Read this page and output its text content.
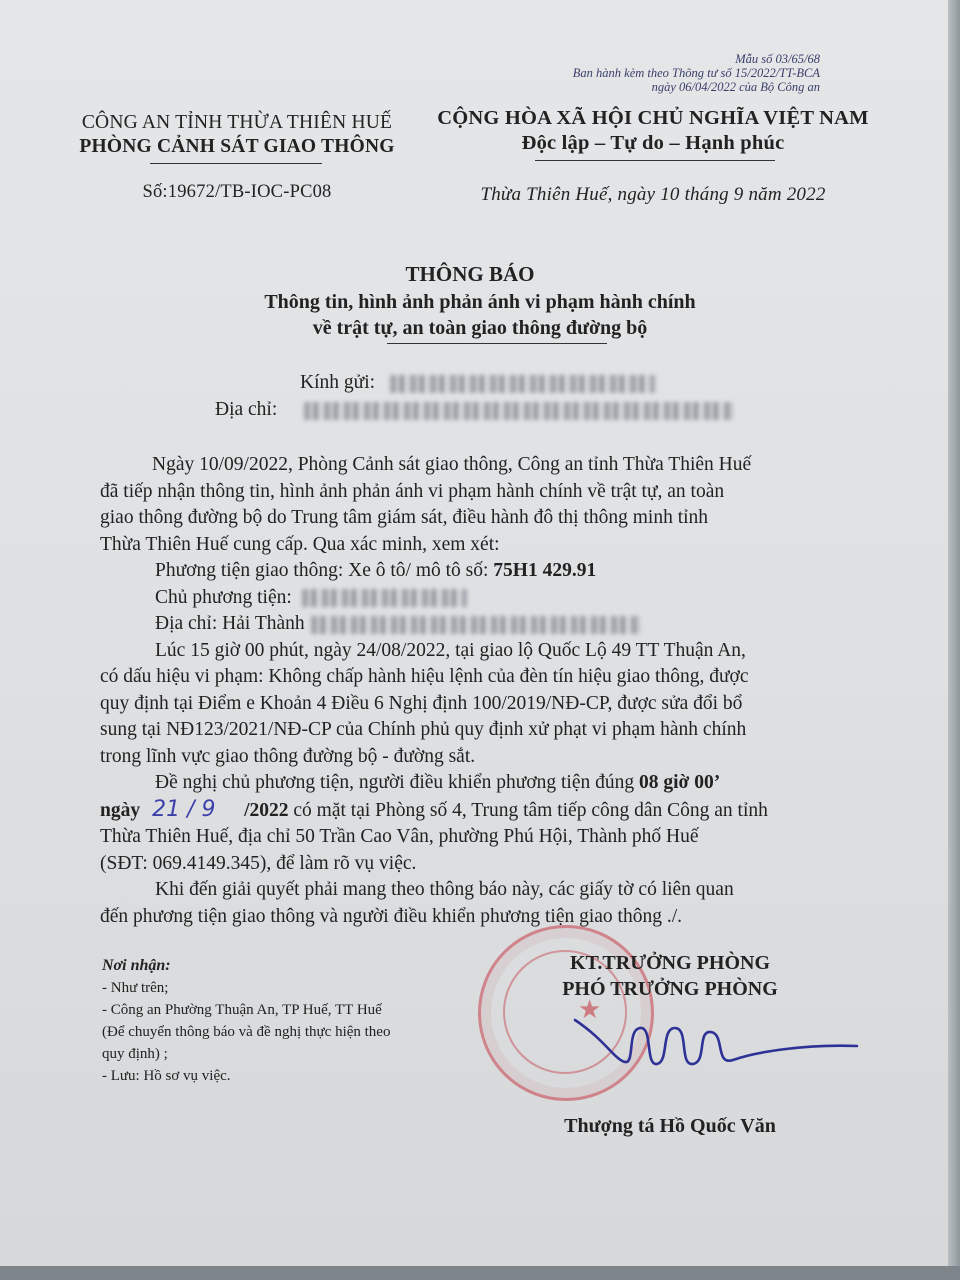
Mẫu số 03/65/68
Ban hành kèm theo Thông tư số 15/2022/TT-BCA
ngày 06/04/2022 của Bộ Công an
CÔNG AN TỈNH THỪA THIÊN HUẾ
PHÒNG CẢNH SÁT GIAO THÔNG
Số:19672/TB-IOC-PC08
CỘNG HÒA XÃ HỘI CHỦ NGHĨA VIỆT NAM
Độc lập – Tự do – Hạnh phúc
Thừa Thiên Huế, ngày 10 tháng 9 năm 2022
THÔNG BÁO
Thông tin, hình ảnh phản ánh vi phạm hành chính
về trật tự, an toàn giao thông đường bộ
Kính gửi:
Địa chỉ:
Ngày 10/09/2022, Phòng Cảnh sát giao thông, Công an tỉnh Thừa Thiên Huế
đã tiếp nhận thông tin, hình ảnh phản ánh vi phạm hành chính về trật tự, an toàn
giao thông đường bộ do Trung tâm giám sát, điều hành đô thị thông minh tỉnh
Thừa Thiên Huế cung cấp. Qua xác minh, xem xét:
Phương tiện giao thông: Xe ô tô/ mô tô số: 75H1 429.91
Chủ phương tiện:
Địa chỉ: Hải Thành
Lúc 15 giờ 00 phút, ngày 24/08/2022, tại giao lộ Quốc Lộ 49 TT Thuận An,
có dấu hiệu vi phạm: Không chấp hành hiệu lệnh của đèn tín hiệu giao thông, được
quy định tại Điểm e Khoản 4 Điều 6 Nghị định 100/2019/NĐ-CP, được sửa đổi bổ
sung tại NĐ123/2021/NĐ-CP của Chính phủ quy định xử phạt vi phạm hành chính
trong lĩnh vực giao thông đường bộ - đường sắt.
Đề nghị chủ phương tiện, người điều khiển phương tiện đúng 08 giờ 00’
ngày 21 / 9 /2022 có mặt tại Phòng số 4, Trung tâm tiếp công dân Công an tỉnh
Thừa Thiên Huế, địa chỉ 50 Trần Cao Vân, phường Phú Hội, Thành phố Huế
(SĐT: 069.4149.345), để làm rõ vụ việc.
Khi đến giải quyết phải mang theo thông báo này, các giấy tờ có liên quan
đến phương tiện giao thông và người điều khiển phương tiện giao thông ./.
Nơi nhận:
- Như trên;
- Công an Phường Thuận An, TP Huế, TT Huế
(Để chuyển thông báo và đề nghị thực hiện theo
quy định) ;
- Lưu: Hồ sơ vụ việc.
★
KT.TRƯỞNG PHÒNG
PHÓ TRƯỞNG PHÒNG
Thượng tá Hồ Quốc Văn
